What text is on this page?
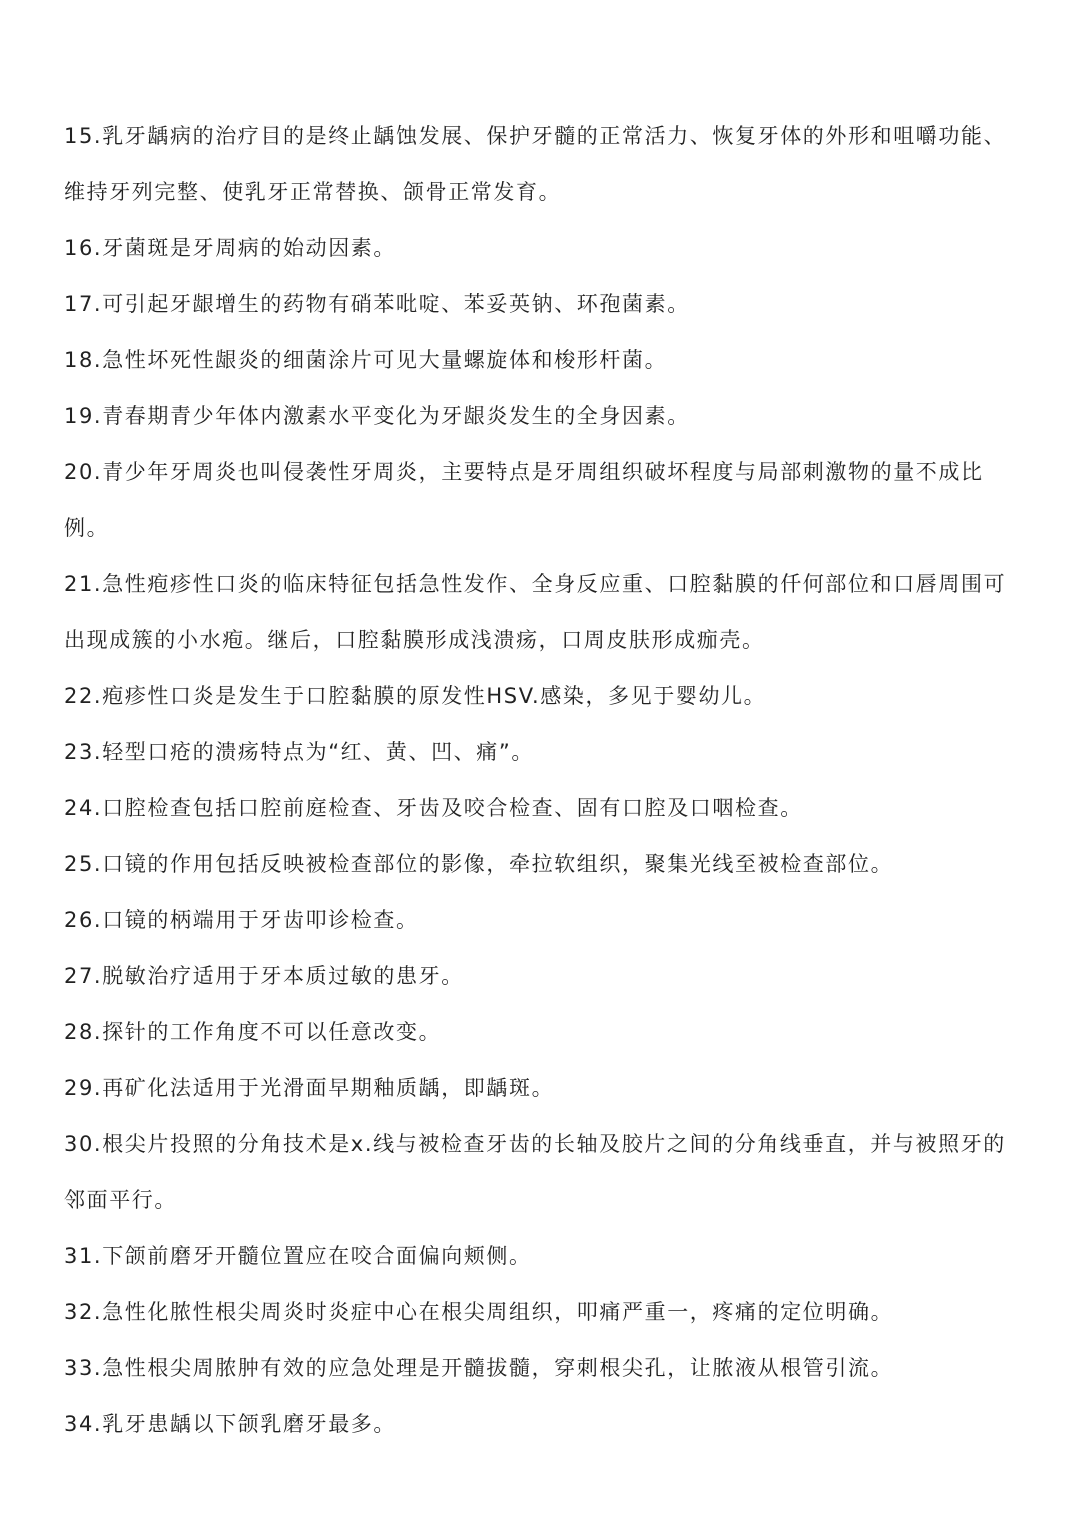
15.乳牙龋病的治疗目的是终止龋蚀发展、保护牙髓的正常活力、恢复牙体的外形和咀嚼功能、维持牙列完整、使乳牙正常替换、颌骨正常发育。

16.牙菌斑是牙周病的始动因素。

17.可引起牙龈增生的药物有硝苯吡啶、苯妥英钠、环孢菌素。

18.急性坏死性龈炎的细菌涂片可见大量螺旋体和梭形杆菌。

19.青春期青少年体内激素水平变化为牙龈炎发生的全身因素。

20.青少年牙周炎也叫侵袭性牙周炎，主要特点是牙周组织破坏程度与局部刺激物的量不成比例。

21.急性疱疹性口炎的临床特征包括急性发作、全身反应重、口腔黏膜的仟何部位和口唇周围可出现成簇的小水疱。继后，口腔黏膜形成浅溃疡，口周皮肤形成痂壳。

22.疱疹性口炎是发生于口腔黏膜的原发性HSV.感染，多见于婴幼儿。

23.轻型口疮的溃疡特点为“红、黄、凹、痛”。

24.口腔检查包括口腔前庭检查、牙齿及咬合检查、固有口腔及口咽检查。

25.口镜的作用包括反映被检查部位的影像，牵拉软组织，聚集光线至被检查部位。

26.口镜的柄端用于牙齿叩诊检查。

27.脱敏治疗适用于牙本质过敏的患牙。

28.探针的工作角度不可以任意改变。

29.再矿化法适用于光滑面早期釉质龋，即龋斑。

30.根尖片投照的分角技术是x.线与被检查牙齿的长轴及胶片之间的分角线垂直，并与被照牙的邻面平行。

31.下颌前磨牙开髓位置应在咬合面偏向颊侧。

32.急性化脓性根尖周炎时炎症中心在根尖周组织，叩痛严重一，疼痛的定位明确。

33.急性根尖周脓肿有效的应急处理是开髓拔髓，穿刺根尖孔，让脓液从根管引流。

34.乳牙患龋以下颌乳磨牙最多。
